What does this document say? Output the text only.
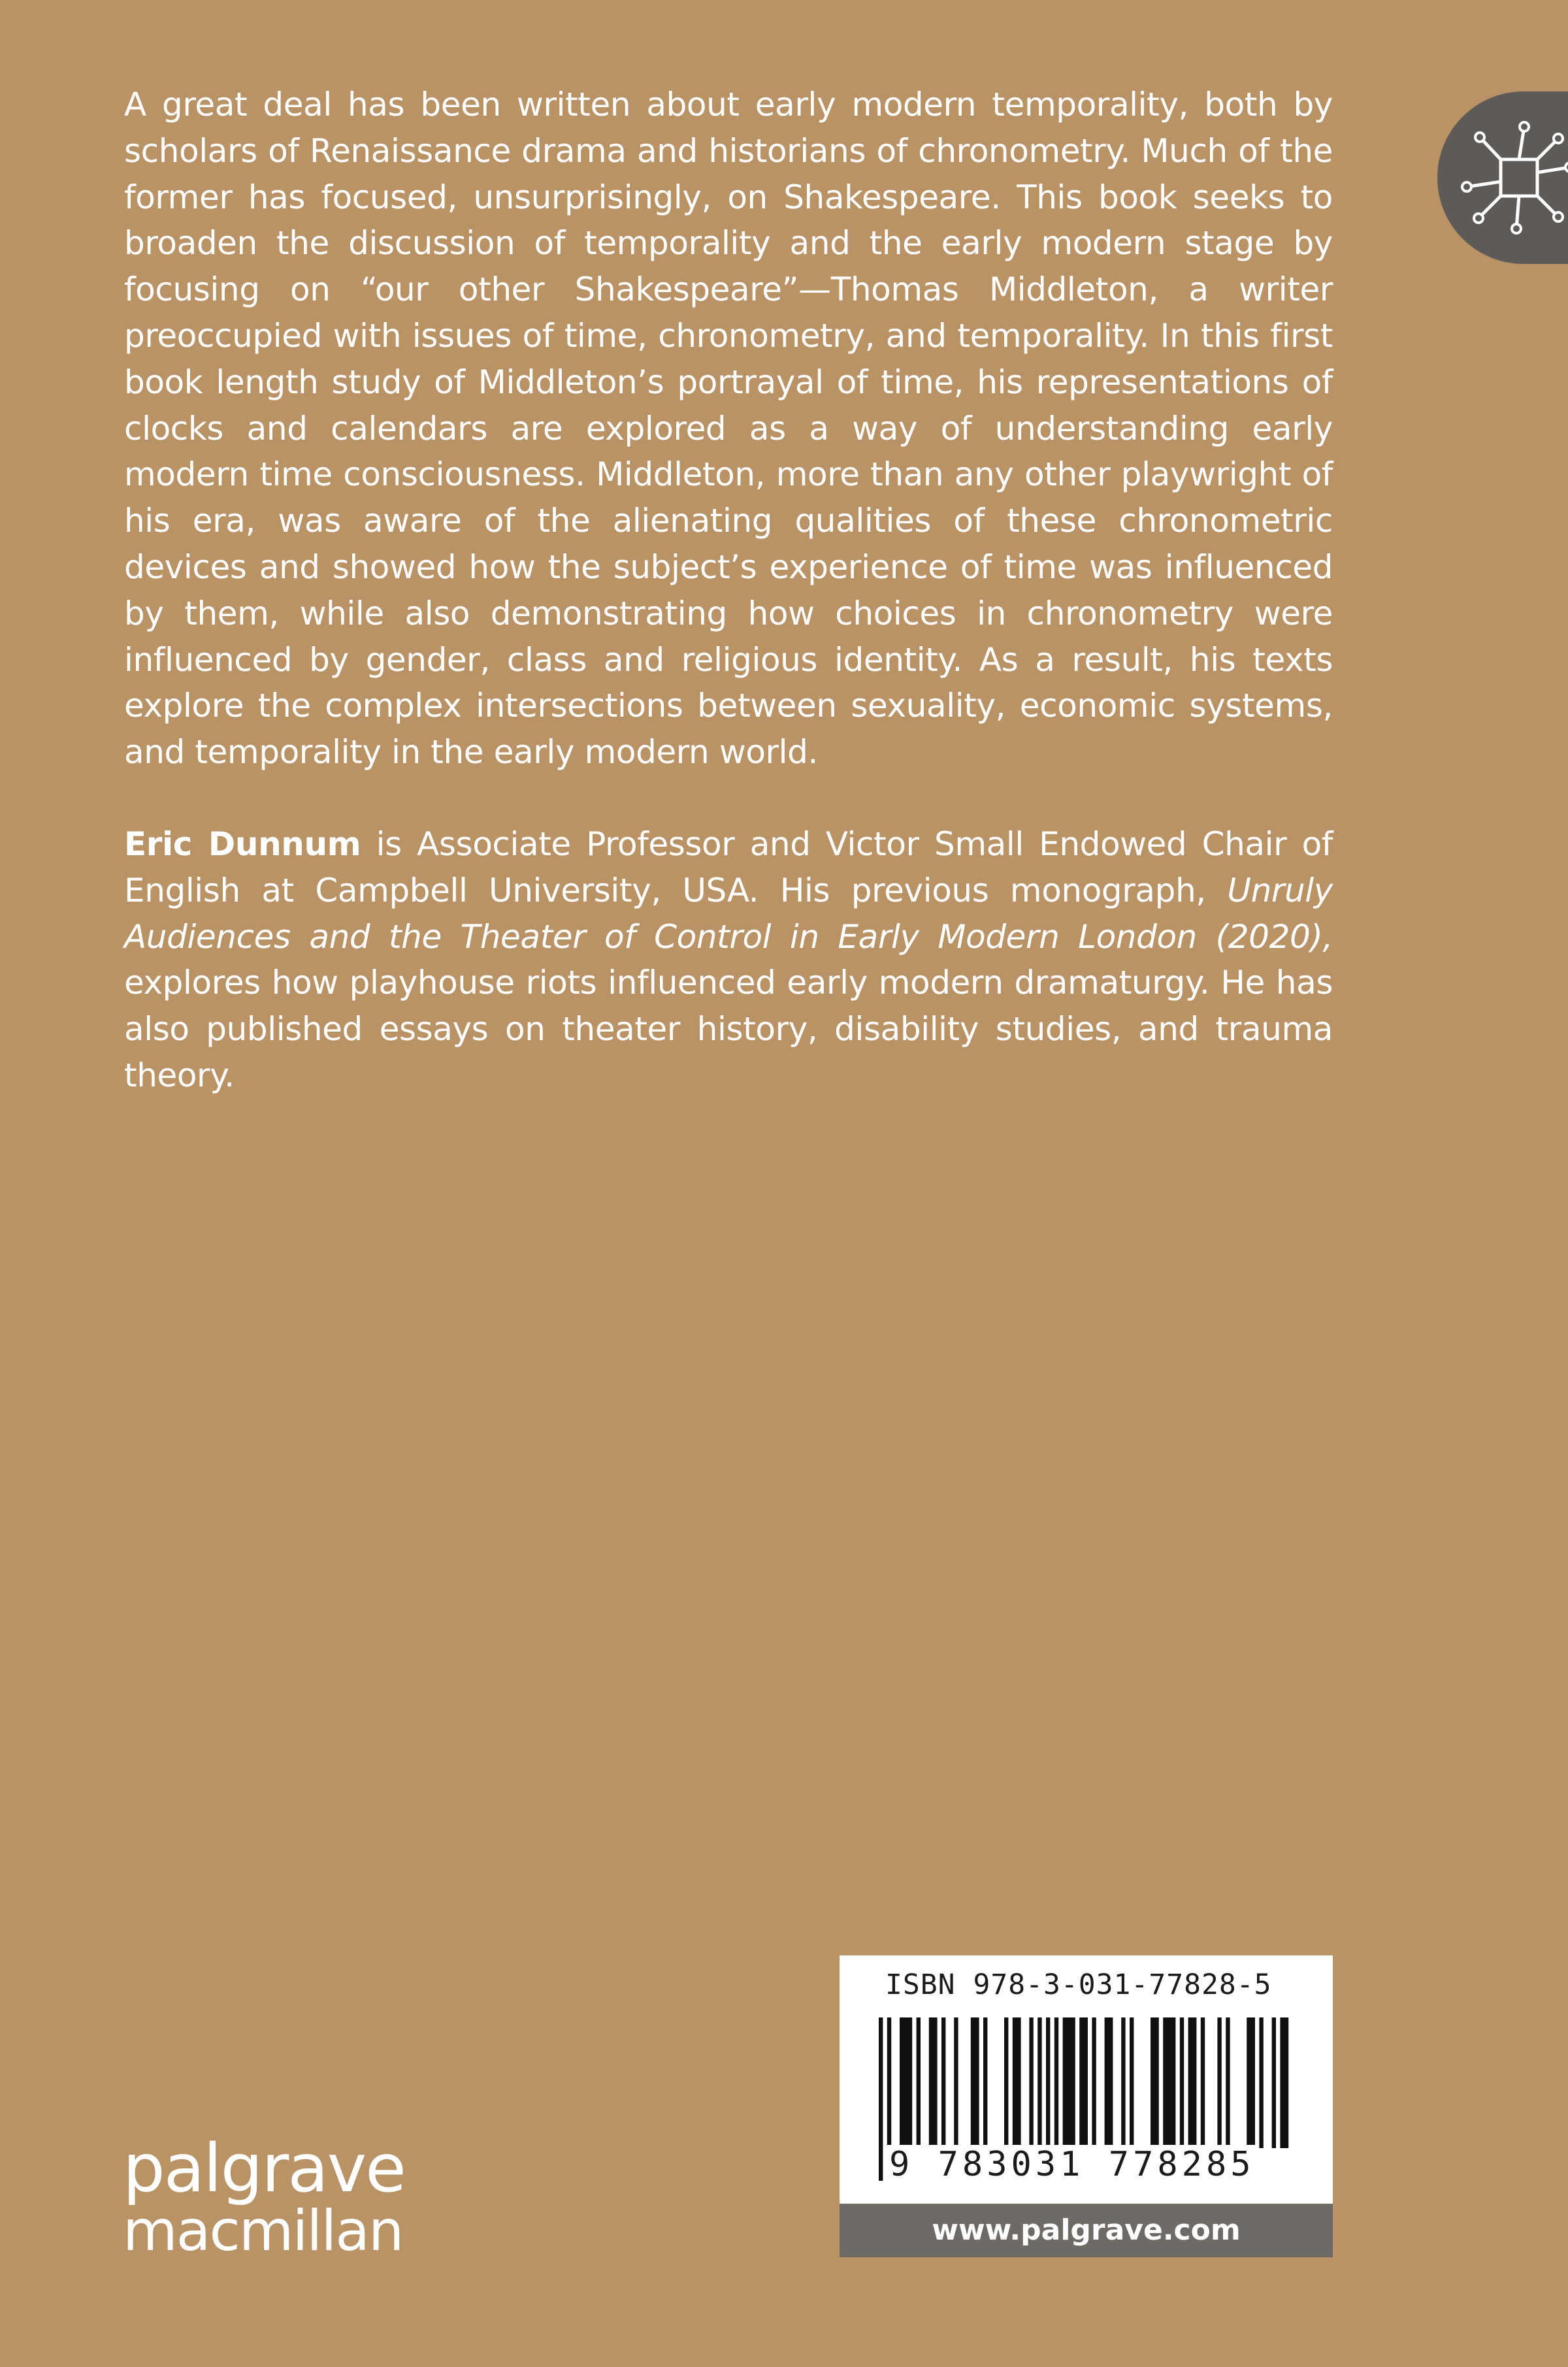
A great deal has been written about early modern temporality, both by scholars of Renaissance drama and historians of chronometry. Much of the former has focused, unsurprisingly, on Shakespeare. This book seeks to broaden the discussion of temporality and the early modern stage by focusing on “our other Shakespeare”—Thomas Middleton, a writer preoccupied with issues of time, chronometry, and temporality. In this first book length study of Middleton’s portrayal of time, his representations of clocks and calendars are explored as a way of understanding early modern time consciousness. Middleton, more than any other playwright of his era, was aware of the alienating qualities of these chronometric devices and showed how the subject’s experience of time was influenced by them, while also demonstrating how choices in chronometry were influenced by gender, class and religious identity. As a result, his texts explore the complex intersections between sexuality, economic systems, and temporality in the early modern world.

Eric Dunnum is Associate Professor and Victor Small Endowed Chair of English at Campbell University, USA. His previous monograph, Unruly Audiences and the Theater of Control in Early Modern London (2020), explores how playhouse riots influenced early modern dramaturgy. He has also published essays on theater history, disability studies, and trauma theory.

palgrave
macmillan
ISBN 978-3-031-77828-5
9 783031 778285
www.palgrave.com
